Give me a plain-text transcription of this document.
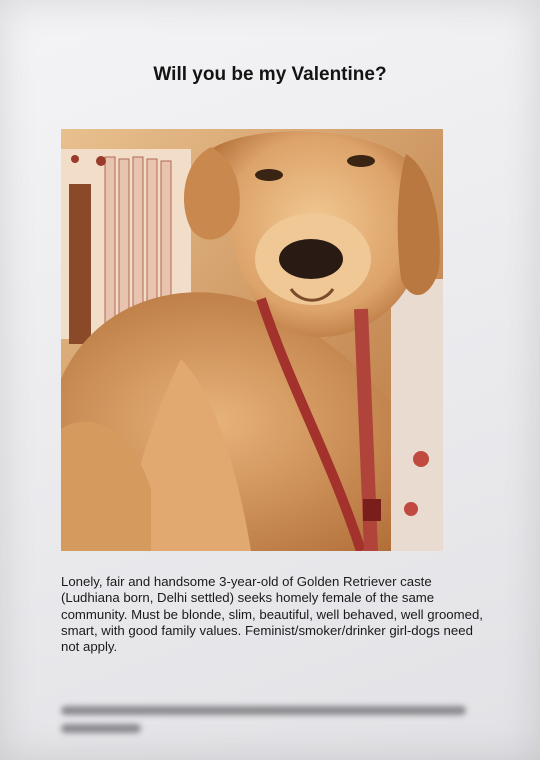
Will you be my Valentine?
Lonely, fair and handsome 3-year-old of Golden Retriever caste (Ludhiana born, Delhi settled) seeks homely female of the same community. Must be blonde, slim, beautiful, well behaved, well groomed, smart, with good family values. Feminist/smoker/drinker girl-dogs need not apply.
